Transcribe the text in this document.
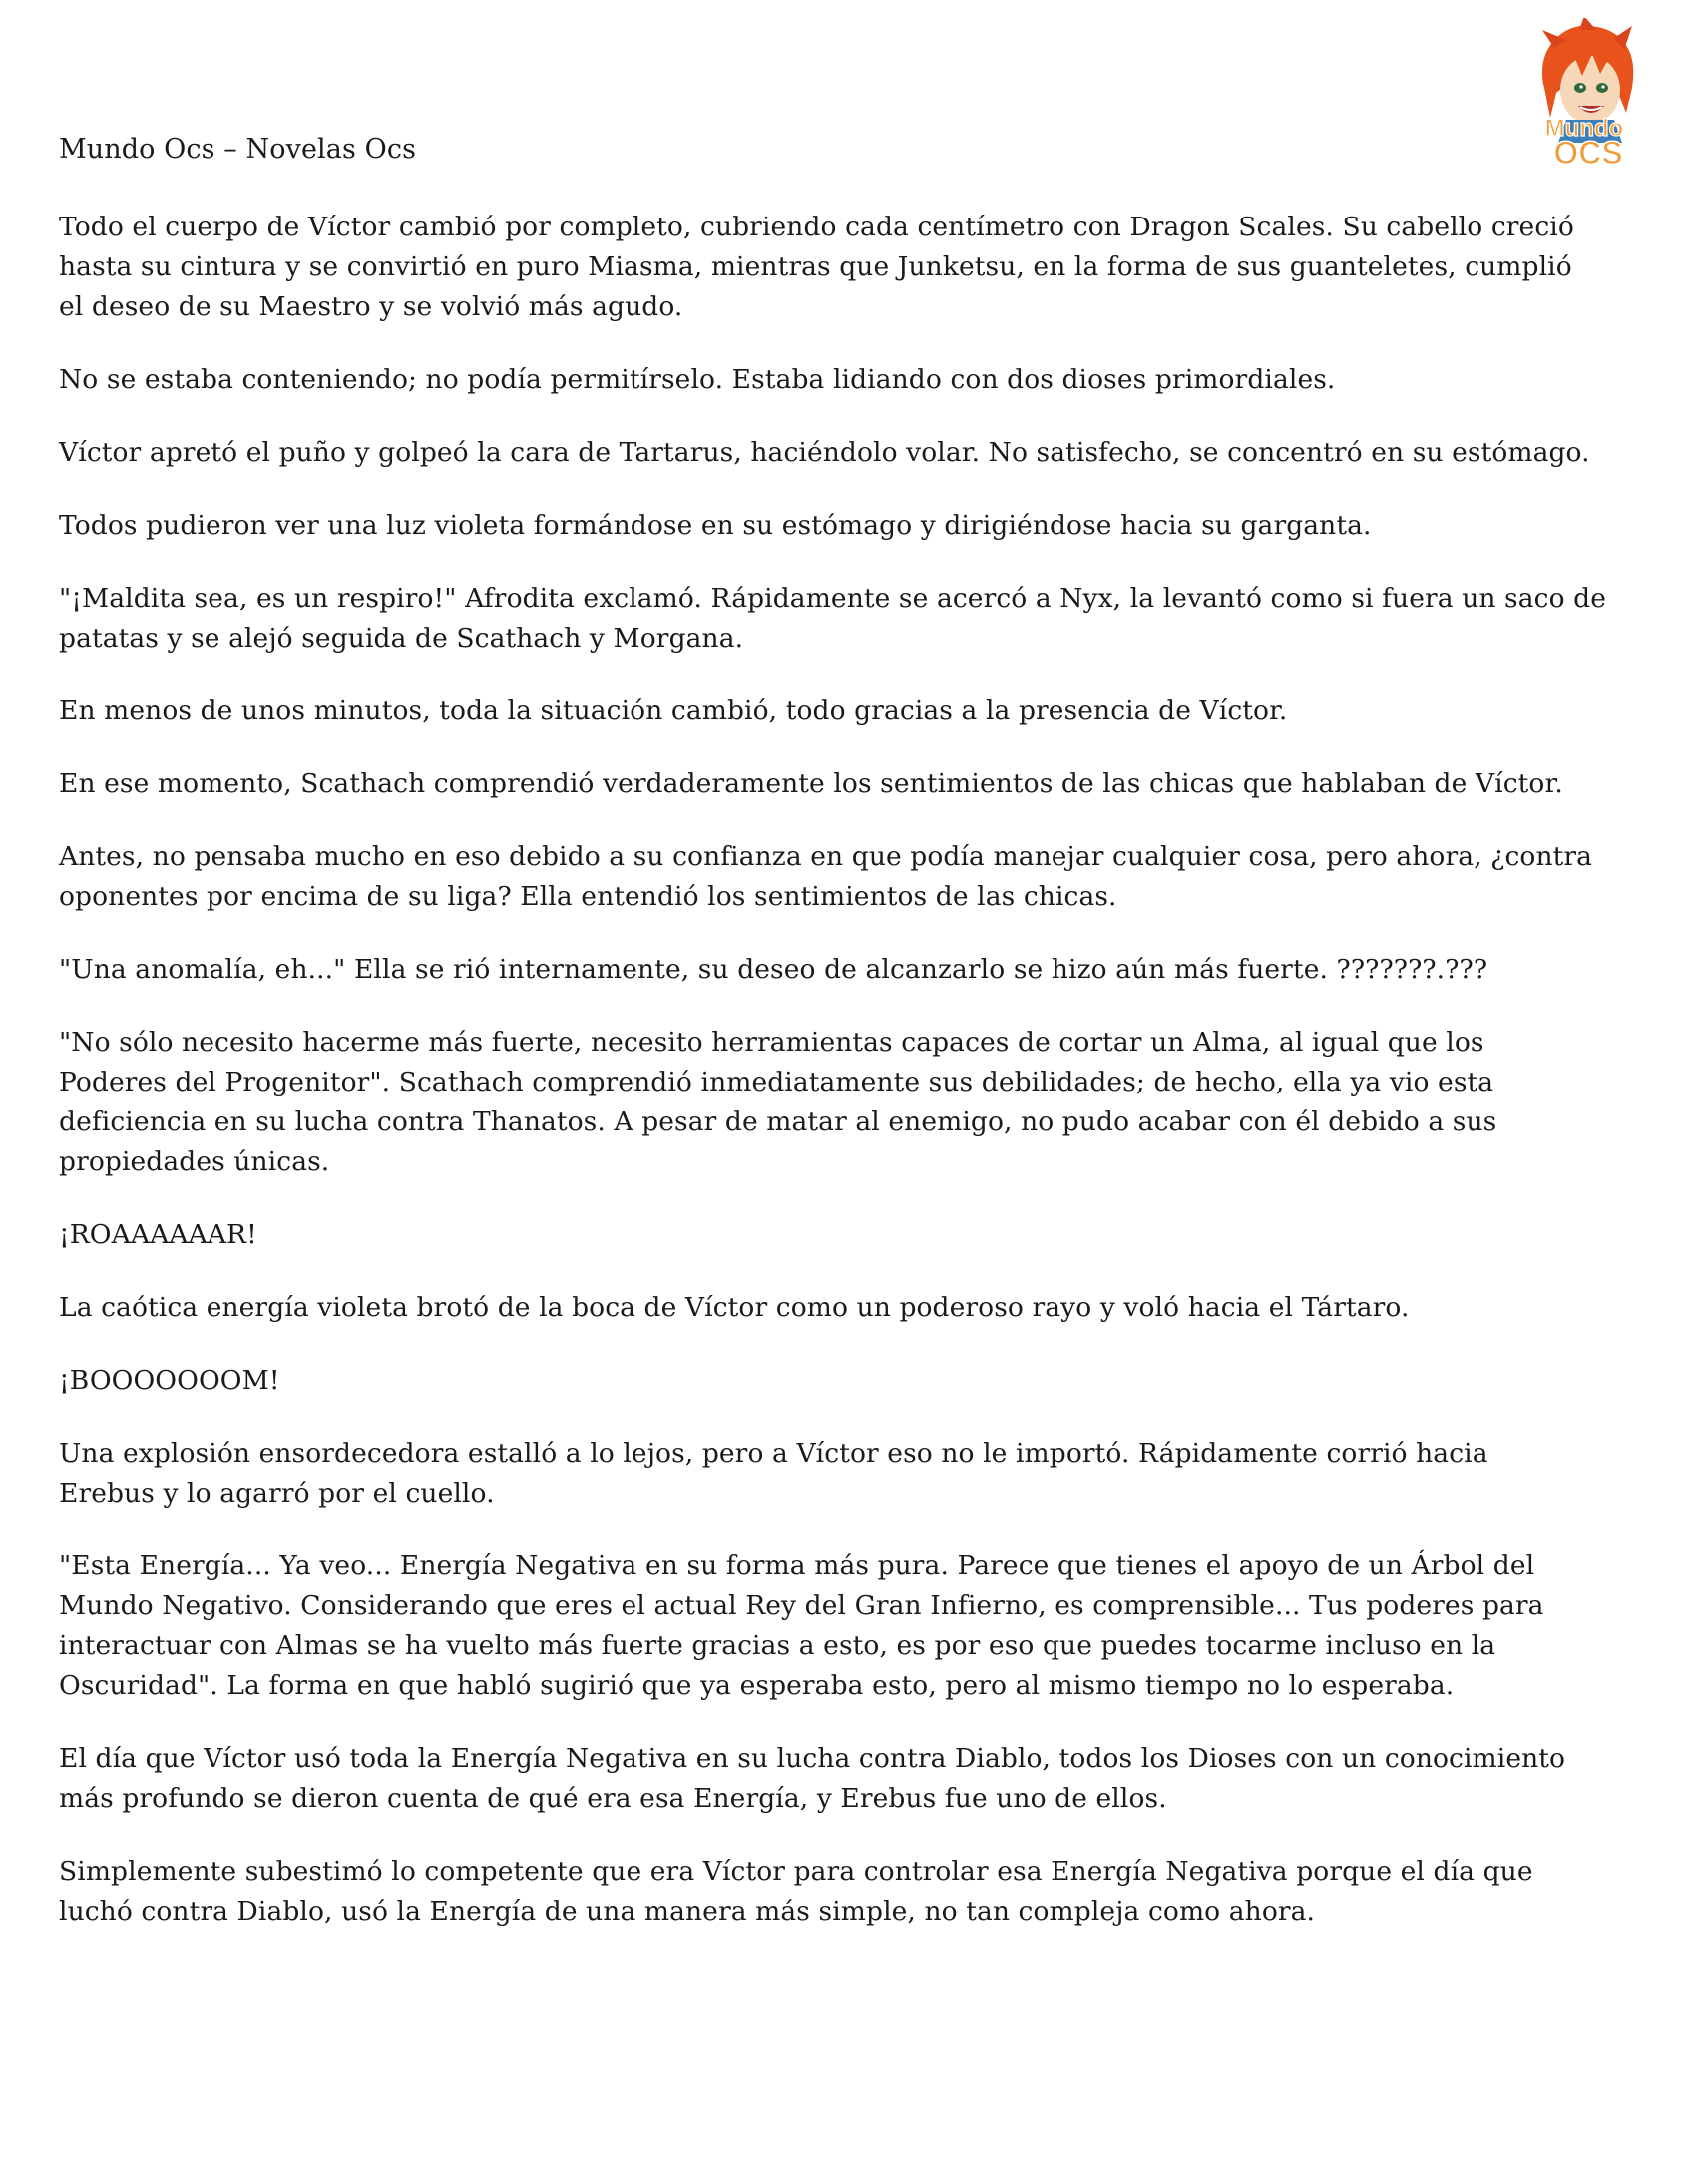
Mundo Ocs – Novelas Ocs
Mundo
OCS

Todo el cuerpo de Víctor cambió por completo, cubriendo cada centímetro con Dragon Scales. Su cabello creció
hasta su cintura y se convirtió en puro Miasma, mientras que Junketsu, en la forma de sus guanteletes, cumplió
el deseo de su Maestro y se volvió más agudo.

No se estaba conteniendo; no podía permitírselo. Estaba lidiando con dos dioses primordiales.

Víctor apretó el puño y golpeó la cara de Tartarus, haciéndolo volar. No satisfecho, se concentró en su estómago.

Todos pudieron ver una luz violeta formándose en su estómago y dirigiéndose hacia su garganta.

"¡Maldita sea, es un respiro!" Afrodita exclamó. Rápidamente se acercó a Nyx, la levantó como si fuera un saco de
patatas y se alejó seguida de Scathach y Morgana.

En menos de unos minutos, toda la situación cambió, todo gracias a la presencia de Víctor.

En ese momento, Scathach comprendió verdaderamente los sentimientos de las chicas que hablaban de Víctor.

Antes, no pensaba mucho en eso debido a su confianza en que podía manejar cualquier cosa, pero ahora, ¿contra
oponentes por encima de su liga? Ella entendió los sentimientos de las chicas.

"Una anomalía, eh..." Ella se rió internamente, su deseo de alcanzarlo se hizo aún más fuerte. ???????.???

"No sólo necesito hacerme más fuerte, necesito herramientas capaces de cortar un Alma, al igual que los
Poderes del Progenitor". Scathach comprendió inmediatamente sus debilidades; de hecho, ella ya vio esta
deficiencia en su lucha contra Thanatos. A pesar de matar al enemigo, no pudo acabar con él debido a sus
propiedades únicas.

¡ROAAAAAAR!

La caótica energía violeta brotó de la boca de Víctor como un poderoso rayo y voló hacia el Tártaro.

¡BOOOOOOOM!

Una explosión ensordecedora estalló a lo lejos, pero a Víctor eso no le importó. Rápidamente corrió hacia
Erebus y lo agarró por el cuello.

"Esta Energía... Ya veo... Energía Negativa en su forma más pura. Parece que tienes el apoyo de un Árbol del
Mundo Negativo. Considerando que eres el actual Rey del Gran Infierno, es comprensible... Tus poderes para
interactuar con Almas se ha vuelto más fuerte gracias a esto, es por eso que puedes tocarme incluso en la
Oscuridad". La forma en que habló sugirió que ya esperaba esto, pero al mismo tiempo no lo esperaba.

El día que Víctor usó toda la Energía Negativa en su lucha contra Diablo, todos los Dioses con un conocimiento
más profundo se dieron cuenta de qué era esa Energía, y Erebus fue uno de ellos.

Simplemente subestimó lo competente que era Víctor para controlar esa Energía Negativa porque el día que
luchó contra Diablo, usó la Energía de una manera más simple, no tan compleja como ahora.
